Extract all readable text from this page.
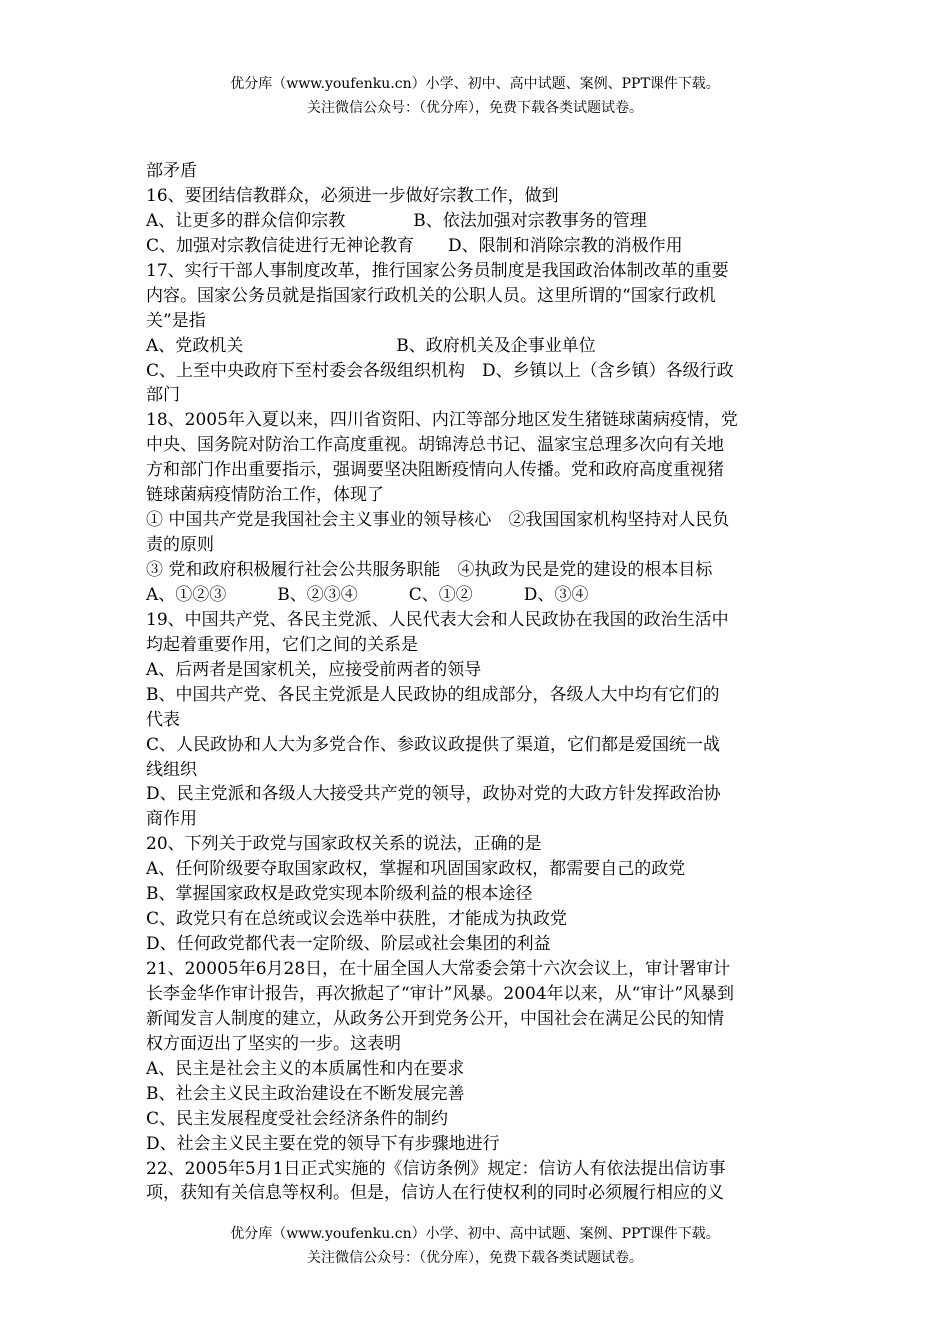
优分库（www.youfenku.cn）小学、初中、高中试题、案例、PPT课件下载。
关注微信公众号：（优分库），免费下载各类试题试卷。
部矛盾
16、要团结信教群众，必须进一步做好宗教工作，做到
A、让更多的群众信仰宗教　　　　B、依法加强对宗教事务的管理
C、加强对宗教信徒进行无神论教育　　D、限制和消除宗教的消极作用
17、实行干部人事制度改革，推行国家公务员制度是我国政治体制改革的重要
内容。国家公务员就是指国家行政机关的公职人员。这里所谓的“国家行政机
关”是指
A、党政机关　　　　　　　　　B、政府机关及企事业单位
C、上至中央政府下至村委会各级组织机构　D、乡镇以上（含乡镇）各级行政
部门
18、2005年入夏以来，四川省资阳、内江等部分地区发生猪链球菌病疫情，党
中央、国务院对防治工作高度重视。胡锦涛总书记、温家宝总理多次向有关地
方和部门作出重要指示，强调要坚决阻断疫情向人传播。党和政府高度重视猪
链球菌病疫情防治工作，体现了
① 中国共产党是我国社会主义事业的领导核心　②我国国家机构坚持对人民负
责的原则
③ 党和政府积极履行社会公共服务职能　④执政为民是党的建设的根本目标
A、①②③　　　B、②③④　　　C、①②　　　D、③④
19、中国共产党、各民主党派、人民代表大会和人民政协在我国的政治生活中
均起着重要作用，它们之间的关系是
A、后两者是国家机关，应接受前两者的领导
B、中国共产党、各民主党派是人民政协的组成部分，各级人大中均有它们的
代表
C、人民政协和人大为多党合作、参政议政提供了渠道，它们都是爱国统一战
线组织
D、民主党派和各级人大接受共产党的领导，政协对党的大政方针发挥政治协
商作用
20、下列关于政党与国家政权关系的说法，正确的是
A、任何阶级要夺取国家政权，掌握和巩固国家政权，都需要自己的政党
B、掌握国家政权是政党实现本阶级利益的根本途径
C、政党只有在总统或议会选举中获胜，才能成为执政党
D、任何政党都代表一定阶级、阶层或社会集团的利益
21、20005年6月28日，在十届全国人大常委会第十六次会议上，审计署审计
长李金华作审计报告，再次掀起了“审计”风暴。2004年以来，从“审计”风暴到
新闻发言人制度的建立，从政务公开到党务公开，中国社会在满足公民的知情
权方面迈出了坚实的一步。这表明
A、民主是社会主义的本质属性和内在要求
B、社会主义民主政治建设在不断发展完善
C、民主发展程度受社会经济条件的制约
D、社会主义民主要在党的领导下有步骤地进行
22、2005年5月1日正式实施的《信访条例》规定：信访人有依法提出信访事
项，获知有关信息等权利。但是，信访人在行使权利的同时必须履行相应的义
优分库（www.youfenku.cn）小学、初中、高中试题、案例、PPT课件下载。
关注微信公众号：（优分库），免费下载各类试题试卷。
